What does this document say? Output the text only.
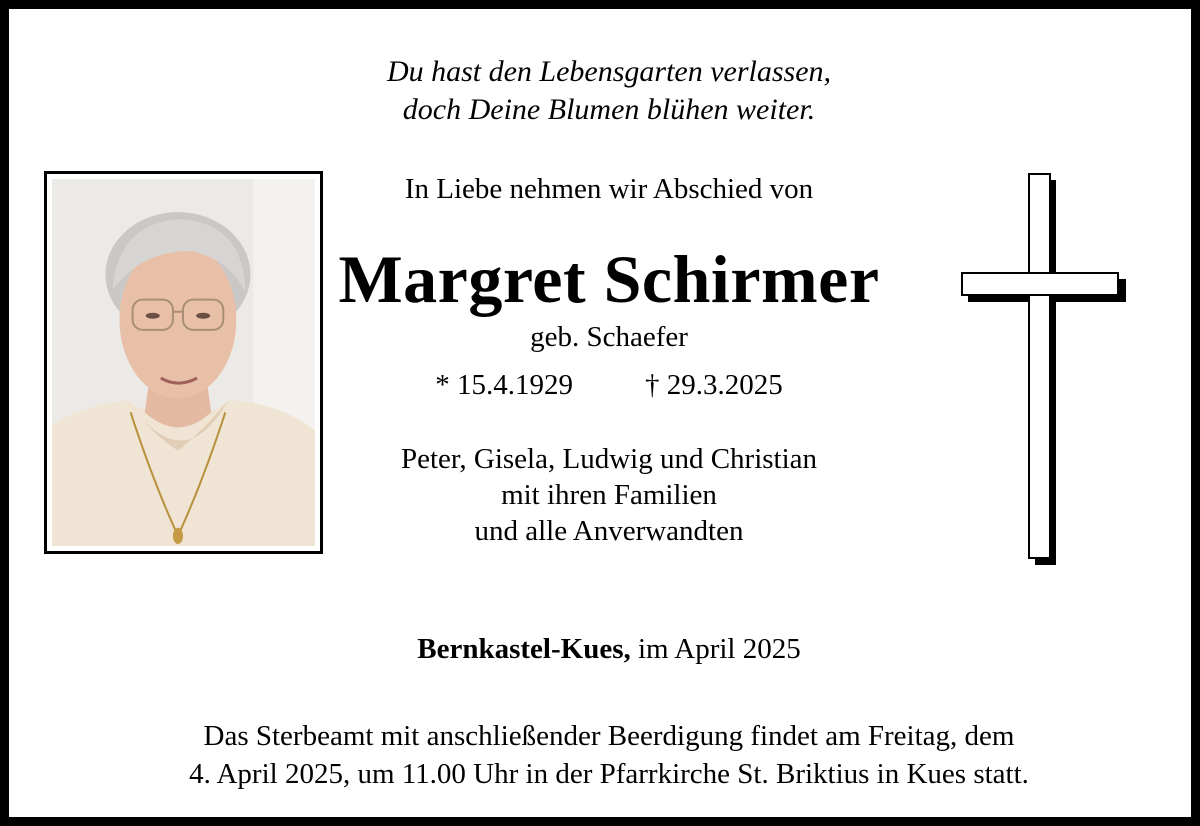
Du hast den Lebensgarten verlassen,
doch Deine Blumen blühen weiter.
In Liebe nehmen wir Abschied von
Margret Schirmer
geb. Schaefer
* 15.4.1929 † 29.3.2025
Peter, Gisela, Ludwig und Christian
mit ihren Familien
und alle Anverwandten
Bernkastel-Kues, im April 2025
Das Sterbeamt mit anschließender Beerdigung findet am Freitag, dem
4. April 2025, um 11.00 Uhr in der Pfarrkirche St. Briktius in Kues statt.
